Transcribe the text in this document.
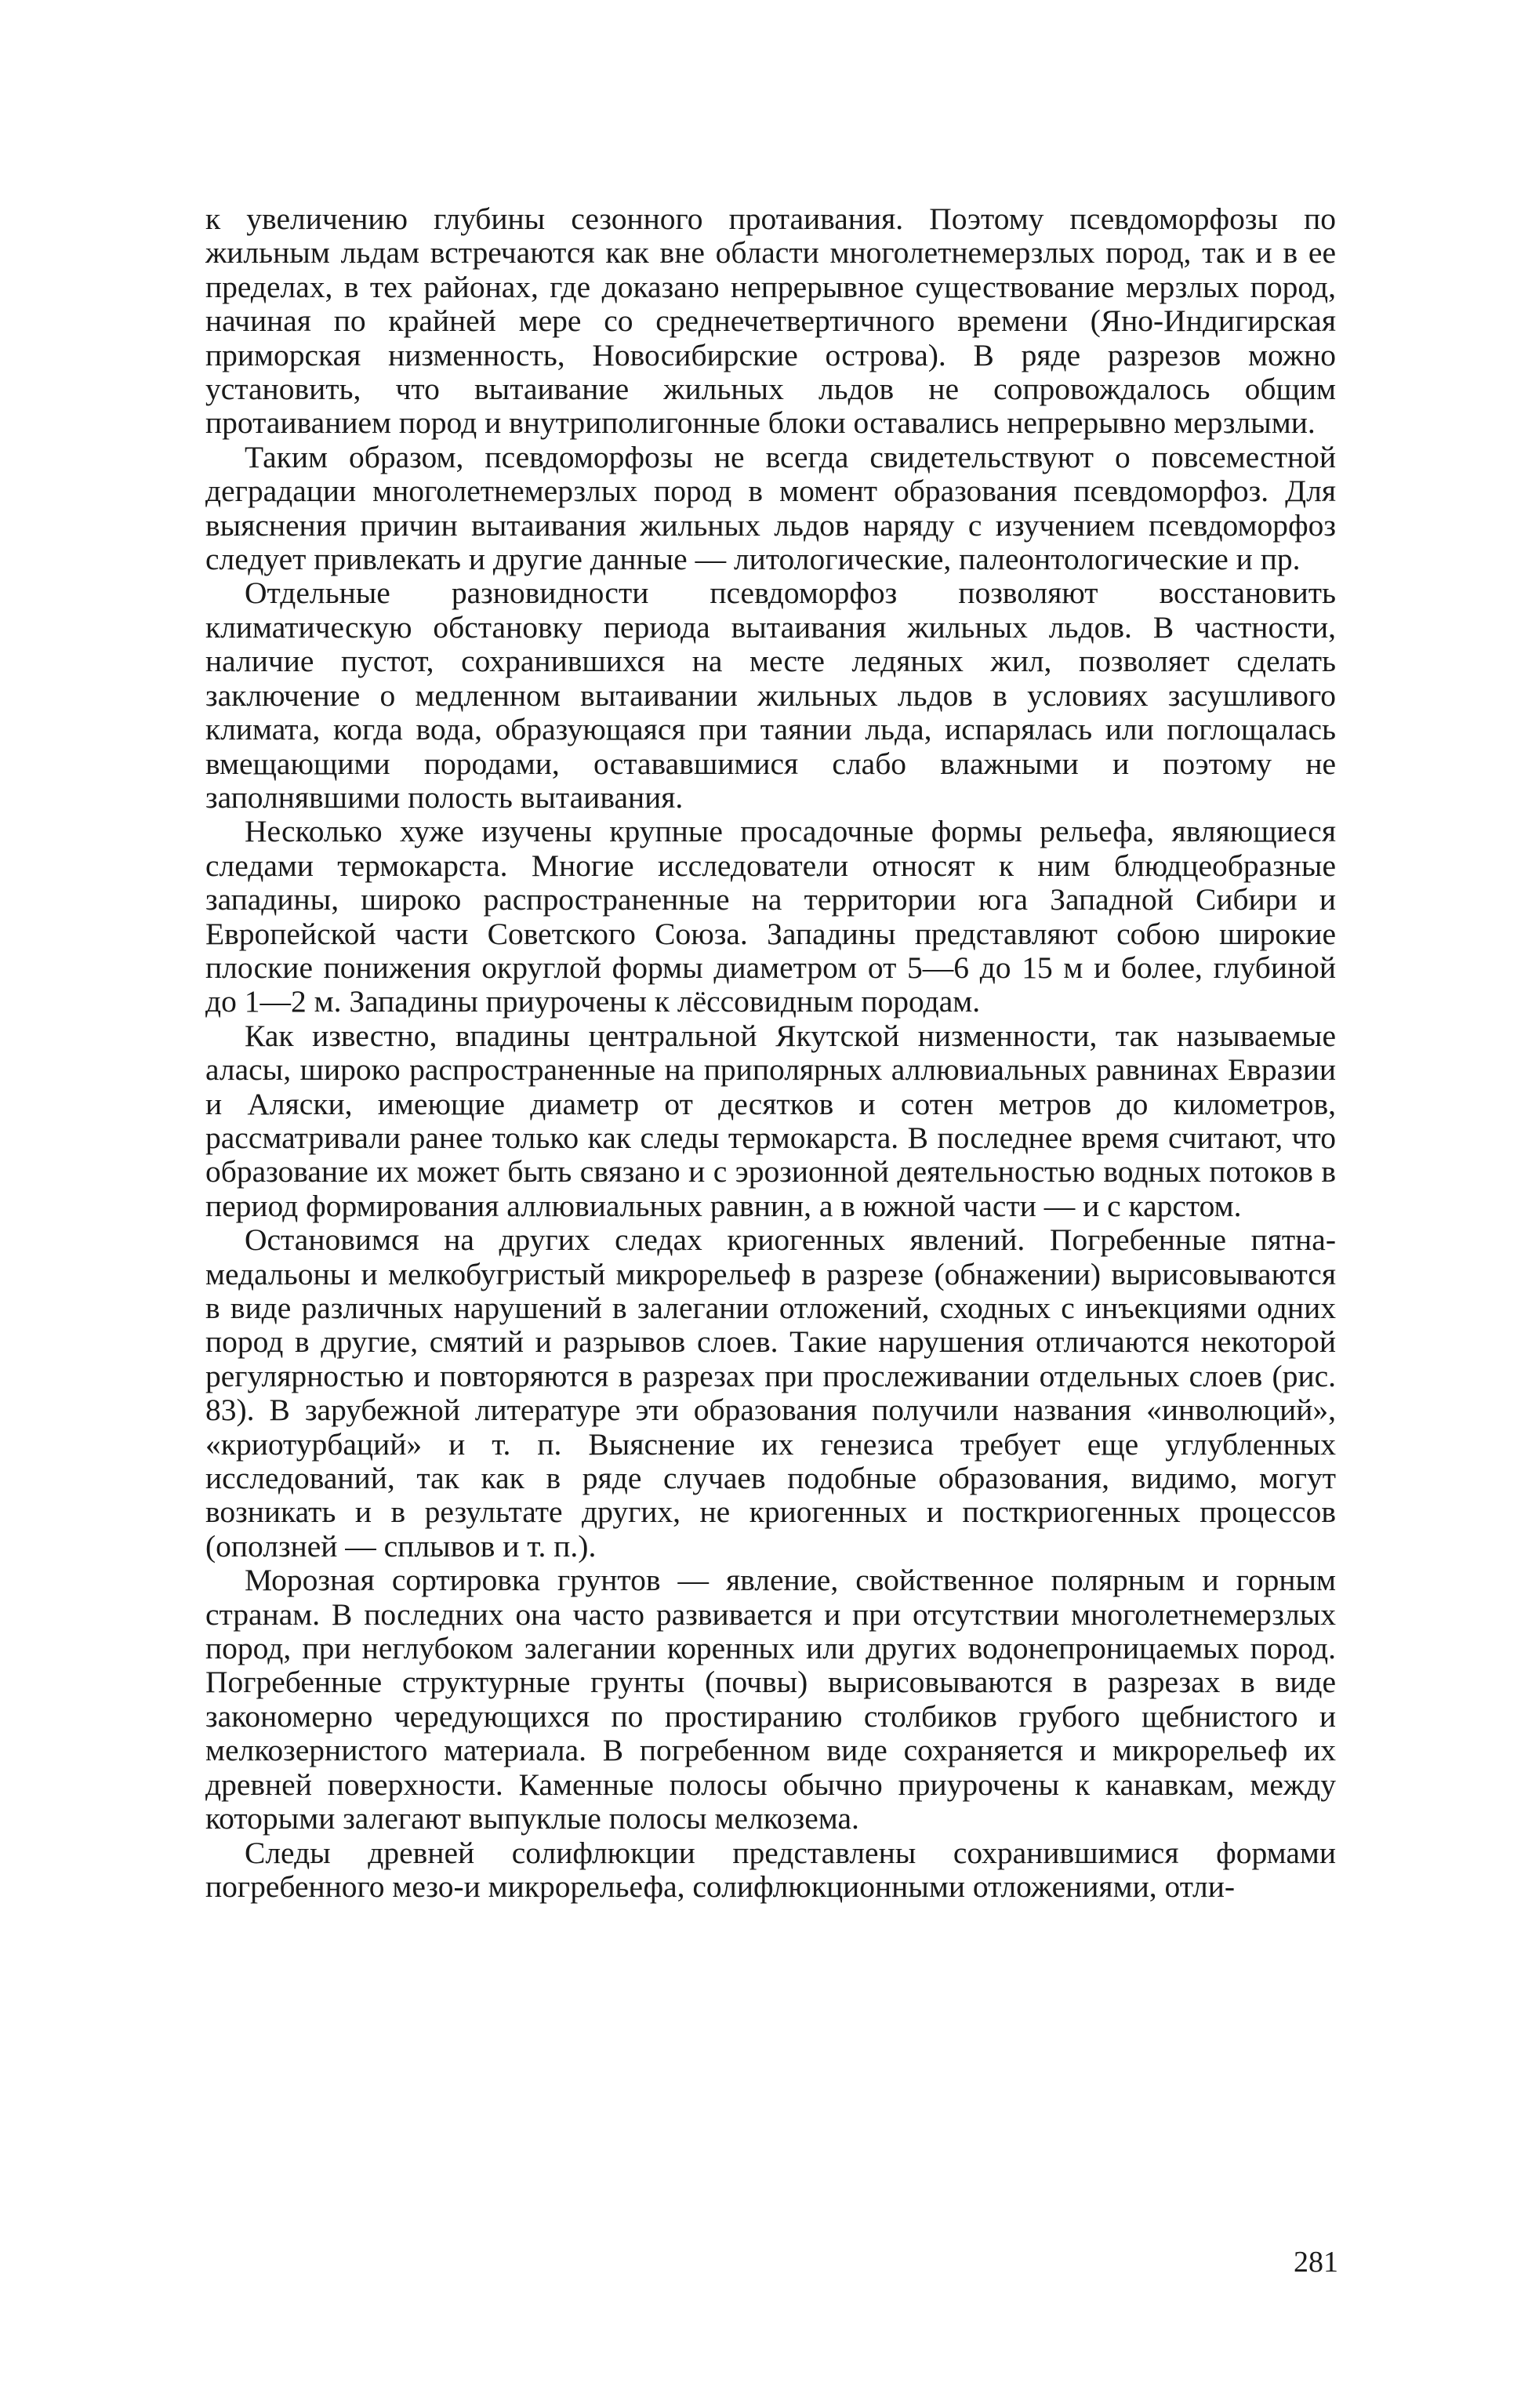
к увеличению глубины сезонного протаивания. Поэтому псевдоморфозы по жильным льдам встречаются как вне области многолетнемерзлых пород, так и в ее пределах, в тех районах, где доказано непрерывное существование мерзлых пород, начиная по крайней мере со среднечетвертичного времени (Яно-Индигирская приморская низменность, Новосибирские острова). В ряде разрезов можно установить, что вытаивание жильных льдов не сопровождалось общим протаиванием пород и внутриполигонные блоки оставались непрерывно мерзлыми.

Таким образом, псевдоморфозы не всегда свидетельствуют о повсеместной деградации многолетнемерзлых пород в момент образования псевдоморфоз. Для выяснения причин вытаивания жильных льдов наряду с изучением псевдоморфоз следует привлекать и другие данные — литологические, палеонтологические и пр.

Отдельные разновидности псевдоморфоз позволяют восстановить климатическую обстановку периода вытаивания жильных льдов. В частности, наличие пустот, сохранившихся на месте ледяных жил, позволяет сделать заключение о медленном вытаивании жильных льдов в условиях засушливого климата, когда вода, образующаяся при таянии льда, испарялась или поглощалась вмещающими породами, остававшимися слабо влажными и поэтому не заполнявшими полость вытаивания.

Несколько хуже изучены крупные просадочные формы рельефа, являющиеся следами термокарста. Многие исследователи относят к ним блюдцеобразные западины, широко распространенные на территории юга Западной Сибири и Европейской части Советского Союза. Западины представляют собою широкие плоские понижения округлой формы диаметром от 5—6 до 15 м и более, глубиной до 1—2 м. Западины приурочены к лёссовидным породам.

Как известно, впадины центральной Якутской низменности, так называемые аласы, широко распространенные на приполярных аллювиальных равнинах Евразии и Аляски, имеющие диаметр от десятков и сотен метров до километров, рассматривали ранее только как следы термокарста. В последнее время считают, что образование их может быть связано и с эрозионной деятельностью водных потоков в период формирования аллювиальных равнин, а в южной части — и с карстом.

Остановимся на других следах криогенных явлений. Погребенные пятна-медальоны и мелкобугристый микрорельеф в разрезе (обнажении) вырисовываются в виде различных нарушений в залегании отложений, сходных с инъекциями одних пород в другие, смятий и разрывов слоев. Такие нарушения отличаются некоторой регулярностью и повторяются в разрезах при прослеживании отдельных слоев (рис. 83). В зарубежной литературе эти образования получили названия «инволюций», «криотурбаций» и т. п. Выяснение их генезиса требует еще углубленных исследований, так как в ряде случаев подобные образования, видимо, могут возникать и в результате других, не криогенных и посткриогенных процессов (оползней — сплывов и т. п.).

Морозная сортировка грунтов — явление, свойственное полярным и горным странам. В последних она часто развивается и при отсутствии многолетнемерзлых пород, при неглубоком залегании коренных или других водонепроницаемых пород. Погребенные структурные грунты (почвы) вырисовываются в разрезах в виде закономерно чередующихся по простиранию столбиков грубого щебнистого и мелкозернистого материала. В погребенном виде сохраняется и микрорельеф их древней поверхности. Каменные полосы обычно приурочены к канавкам, между которыми залегают выпуклые полосы мелкозема.

Следы древней солифлюкции представлены сохранившимися формами погребенного мезо-и микрорельефа, солифлюкционными отложениями, отли-

281
